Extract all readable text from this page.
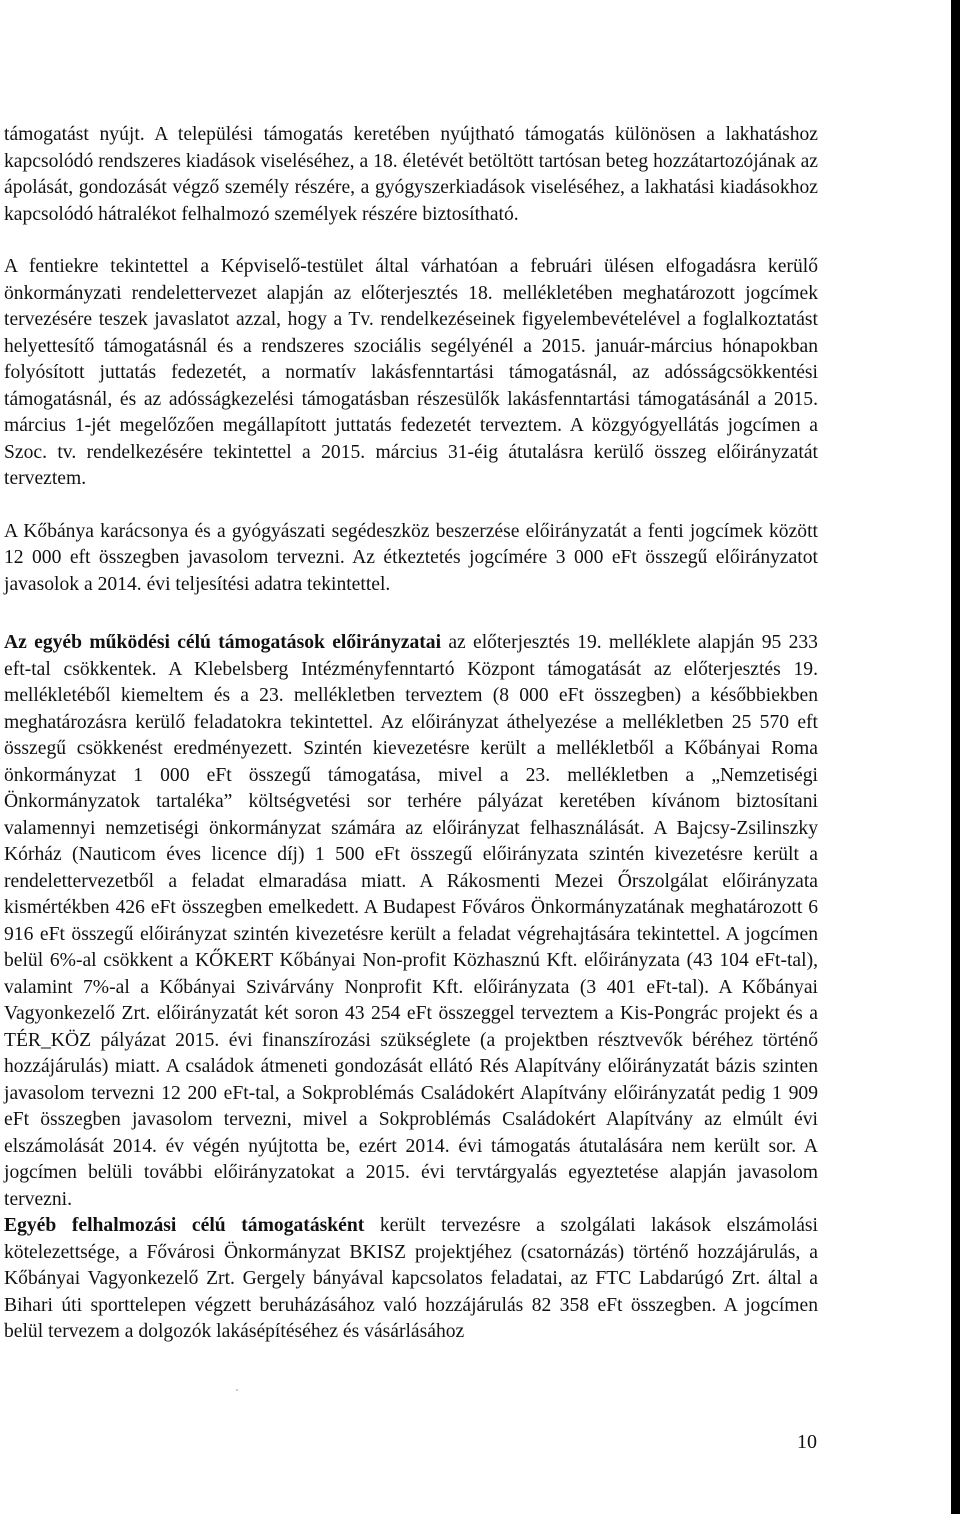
támogatást nyújt. A települési támogatás keretében nyújtható támogatás különösen a lakhatáshoz kapcsolódó rendszeres kiadások viseléséhez, a 18. életévét betöltött tartósan beteg hozzátartozójának az ápolását, gondozását végző személy részére, a gyógyszerkiadások viseléséhez, a lakhatási kiadásokhoz kapcsolódó hátralékot felhalmozó személyek részére biztosítható.

A fentiekre tekintettel a Képviselő-testület által várhatóan a februári ülésen elfogadásra kerülő önkormányzati rendelettervezet alapján az előterjesztés 18. mellékletében meghatározott jogcímek tervezésére teszek javaslatot azzal, hogy a Tv. rendelkezéseinek figyelembevételével a foglalkoztatást helyettesítő támogatásnál és a rendszeres szociális segélyénél a 2015. január-március hónapokban folyósított juttatás fedezetét, a normatív lakásfenntartási támogatásnál, az adósságcsökkentési támogatásnál, és az adósságkezelési támogatásban részesülők lakásfenntartási támogatásánál a 2015. március 1-jét megelőzően megállapított juttatás fedezetét terveztem. A közgyógyellátás jogcímen a Szoc. tv. rendelkezésére tekintettel a 2015. március 31-éig átutalásra kerülő összeg előirányzatát terveztem.

A Kőbánya karácsonya és a gyógyászati segédeszköz beszerzése előirányzatát a fenti jogcímek között 12 000 eft összegben javasolom tervezni. Az étkeztetés jogcímére 3 000 eFt összegű előirányzatot javasolok a 2014. évi teljesítési adatra tekintettel.

Az egyéb működési célú támogatások előirányzatai az előterjesztés 19. melléklete alapján 95 233 eft-tal csökkentek. A Klebelsberg Intézményfenntartó Központ támogatását az előterjesztés 19. mellékletéből kiemeltem és a 23. mellékletben terveztem (8 000 eFt összegben) a későbbiekben meghatározásra kerülő feladatokra tekintettel. Az előirányzat áthelyezése a mellékletben 25 570 eft összegű csökkenést eredményezett. Szintén kievezetésre került a mellékletből a Kőbányai Roma önkormányzat 1 000 eFt összegű támogatása, mivel a 23. mellékletben a „Nemzetiségi Önkormányzatok tartaléka” költségvetési sor terhére pályázat keretében kívánom biztosítani valamennyi nemzetiségi önkormányzat számára az előirányzat felhasználását. A Bajcsy-Zsilinszky Kórház (Nauticom éves licence díj) 1 500 eFt összegű előirányzata szintén kivezetésre került a rendelettervezetből a feladat elmaradása miatt. A Rákosmenti Mezei Őrszolgálat előirányzata kismértékben 426 eFt összegben emelkedett. A Budapest Főváros Önkormányzatának meghatározott 6 916 eFt összegű előirányzat szintén kivezetésre került a feladat végrehajtására tekintettel. A jogcímen belül 6%-al csökkent a KŐKERT Kőbányai Non-profit Közhasznú Kft. előirányzata (43 104 eFt-tal), valamint 7%-al a Kőbányai Szivárvány Nonprofit Kft. előirányzata (3 401 eFt-tal). A Kőbányai Vagyonkezelő Zrt. előirányzatát két soron 43 254 eFt összeggel terveztem a Kis-Pongrác projekt és a TÉR_KÖZ pályázat 2015. évi finanszírozási szükséglete (a projektben résztvevők béréhez történő hozzájárulás) miatt. A családok átmeneti gondozását ellátó Rés Alapítvány előirányzatát bázis szinten javasolom tervezni 12 200 eFt-tal, a Sokproblémás Családokért Alapítvány előirányzatát pedig 1 909 eFt összegben javasolom tervezni, mivel a Sokproblémás Családokért Alapítvány az elmúlt évi elszámolását 2014. év végén nyújtotta be, ezért 2014. évi támogatás átutalására nem került sor. A jogcímen belüli további előirányzatokat a 2015. évi tervtárgyalás egyeztetése alapján javasolom tervezni.

Egyéb felhalmozási célú támogatásként került tervezésre a szolgálati lakások elszámolási kötelezettsége, a Fővárosi Önkormányzat BKISZ projektjéhez (csatornázás) történő hozzájárulás, a Kőbányai Vagyonkezelő Zrt. Gergely bányával kapcsolatos feladatai, az FTC Labdarúgó Zrt. által a Bihari úti sporttelepen végzett beruházásához való hozzájárulás 82 358 eFt összegben. A jogcímen belül tervezem a dolgozók lakásépítéséhez és vásárlásához

10
